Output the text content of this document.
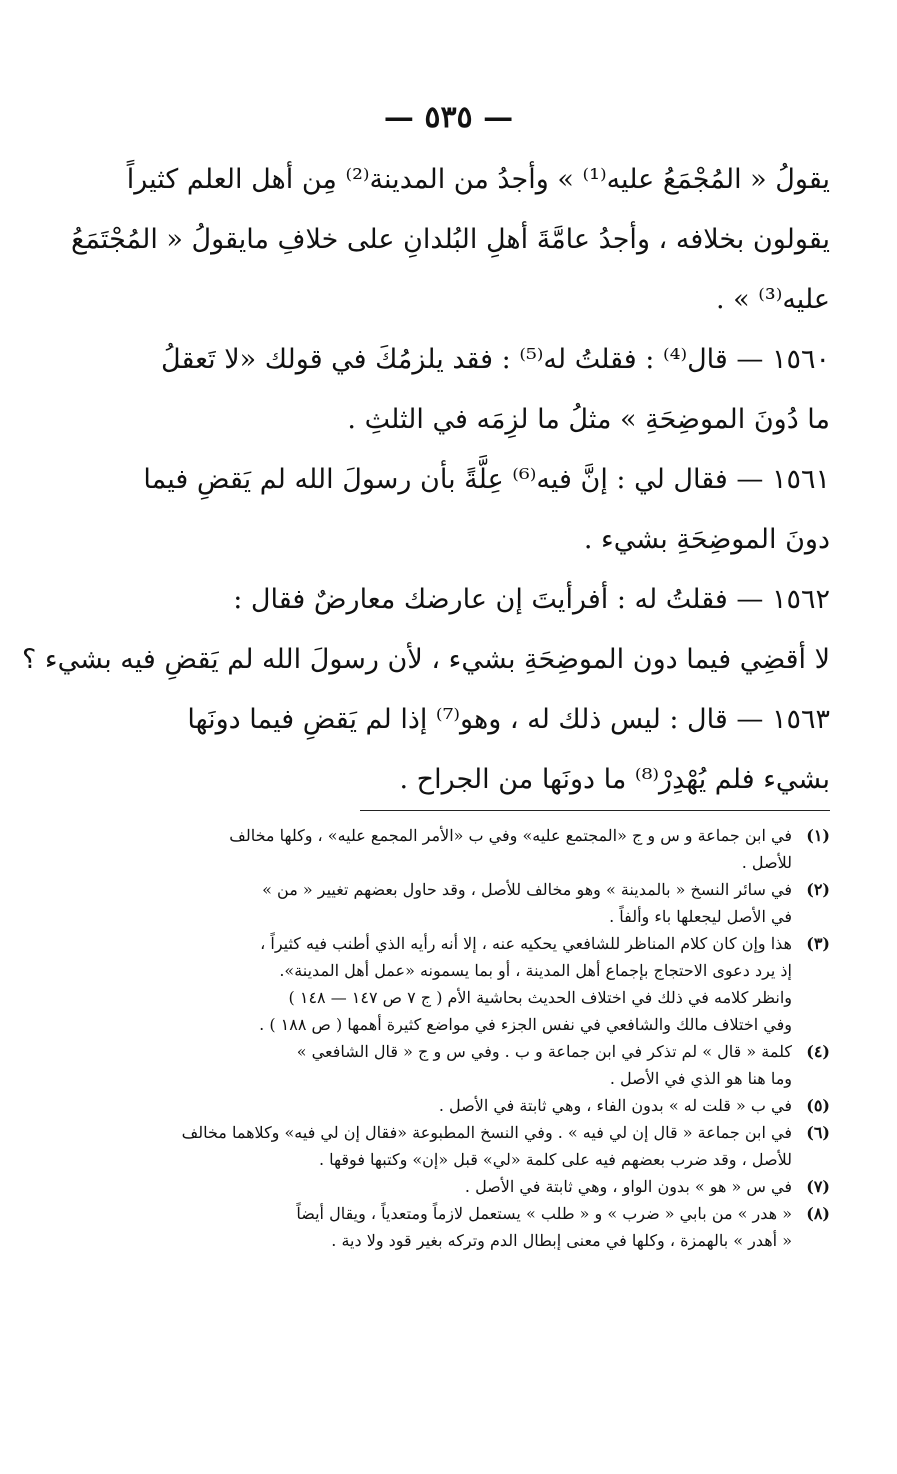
— ٥٣٥ —
يقولُ « المُجْمَعُ عليه⁽¹⁾ » وأجدُ من المدينة⁽²⁾ مِن أهل العلم كثيراً
يقولون بخلافه ، وأجدُ عامَّةَ أهلِ البُلدانِ على خلافِ مايقولُ « المُجْتَمَعُ
عليه⁽³⁾ » .
١٥٦٠ — قال⁽⁴⁾ : فقلتُ له⁽⁵⁾ : فقد يلزمُكَ في قولك «لا تَعقلُ
ما دُونَ الموضِحَةِ » مثلُ ما لزِمَه في الثلثِ .
١٥٦١ — فقال لي : إنَّ فيه⁽⁶⁾ عِلَّةً بأن رسولَ الله لم يَقضِ فيما
دونَ الموضِحَةِ بشيء .
١٥٦٢ — فقلتُ له : أفرأيتَ إن عارضك معارضٌ فقال :
لا أقضِي فيما دون الموضِحَةِ بشيء ، لأن رسولَ الله لم يَقضِ فيه بشيء ؟
١٥٦٣ — قال : ليس ذلك له ، وهو⁽⁷⁾ إذا لم يَقضِ فيما دونَها
بشيء فلم يُهْدِرْ⁽⁸⁾ ما دونَها من الجراح .
(١)في ابن جماعة و س و ج «المجتمع عليه» وفي ب «الأمر المجمع عليه» ، وكلها مخالف
للأصل .
(٢)في سائر النسخ « بالمدينة » وهو مخالف للأصل ، وقد حاول بعضهم تغيير « من »
في الأصل ليجعلها باء وألفاً .
(٣)هذا وإن كان كلام المناظر للشافعي يحكيه عنه ، إلا أنه رأيه الذي أطنب فيه كثيراً ،
إذ يرد دعوى الاحتجاج بإجماع أهل المدينة ، أو بما يسمونه «عمل أهل المدينة».
وانظر كلامه في ذلك في اختلاف الحديث بحاشية الأم ( ج ٧ ص ١٤٧ — ١٤٨ )
وفي اختلاف مالك والشافعي في نفس الجزء في مواضع كثيرة أهمها ( ص ١٨٨ ) .
(٤)كلمة « قال » لم تذكر في ابن جماعة و ب . وفي س و ج « قال الشافعي »
وما هنا هو الذي في الأصل .
(٥)في ب « قلت له » بدون الفاء ، وهي ثابتة في الأصل .
(٦)في ابن جماعة « قال إن لي فيه » . وفي النسخ المطبوعة «فقال إن لي فيه» وكلاهما مخالف
للأصل ، وقد ضرب بعضهم فيه على كلمة «لي» قبل «إن» وكتبها فوقها .
(٧)في س « هو » بدون الواو ، وهي ثابتة في الأصل .
(٨)« هدر » من بابي « ضرب » و « طلب » يستعمل لازماً ومتعدياً ، ويقال أيضاً
« أهدر » بالهمزة ، وكلها في معنى إبطال الدم وتركه بغير قود ولا دية .
